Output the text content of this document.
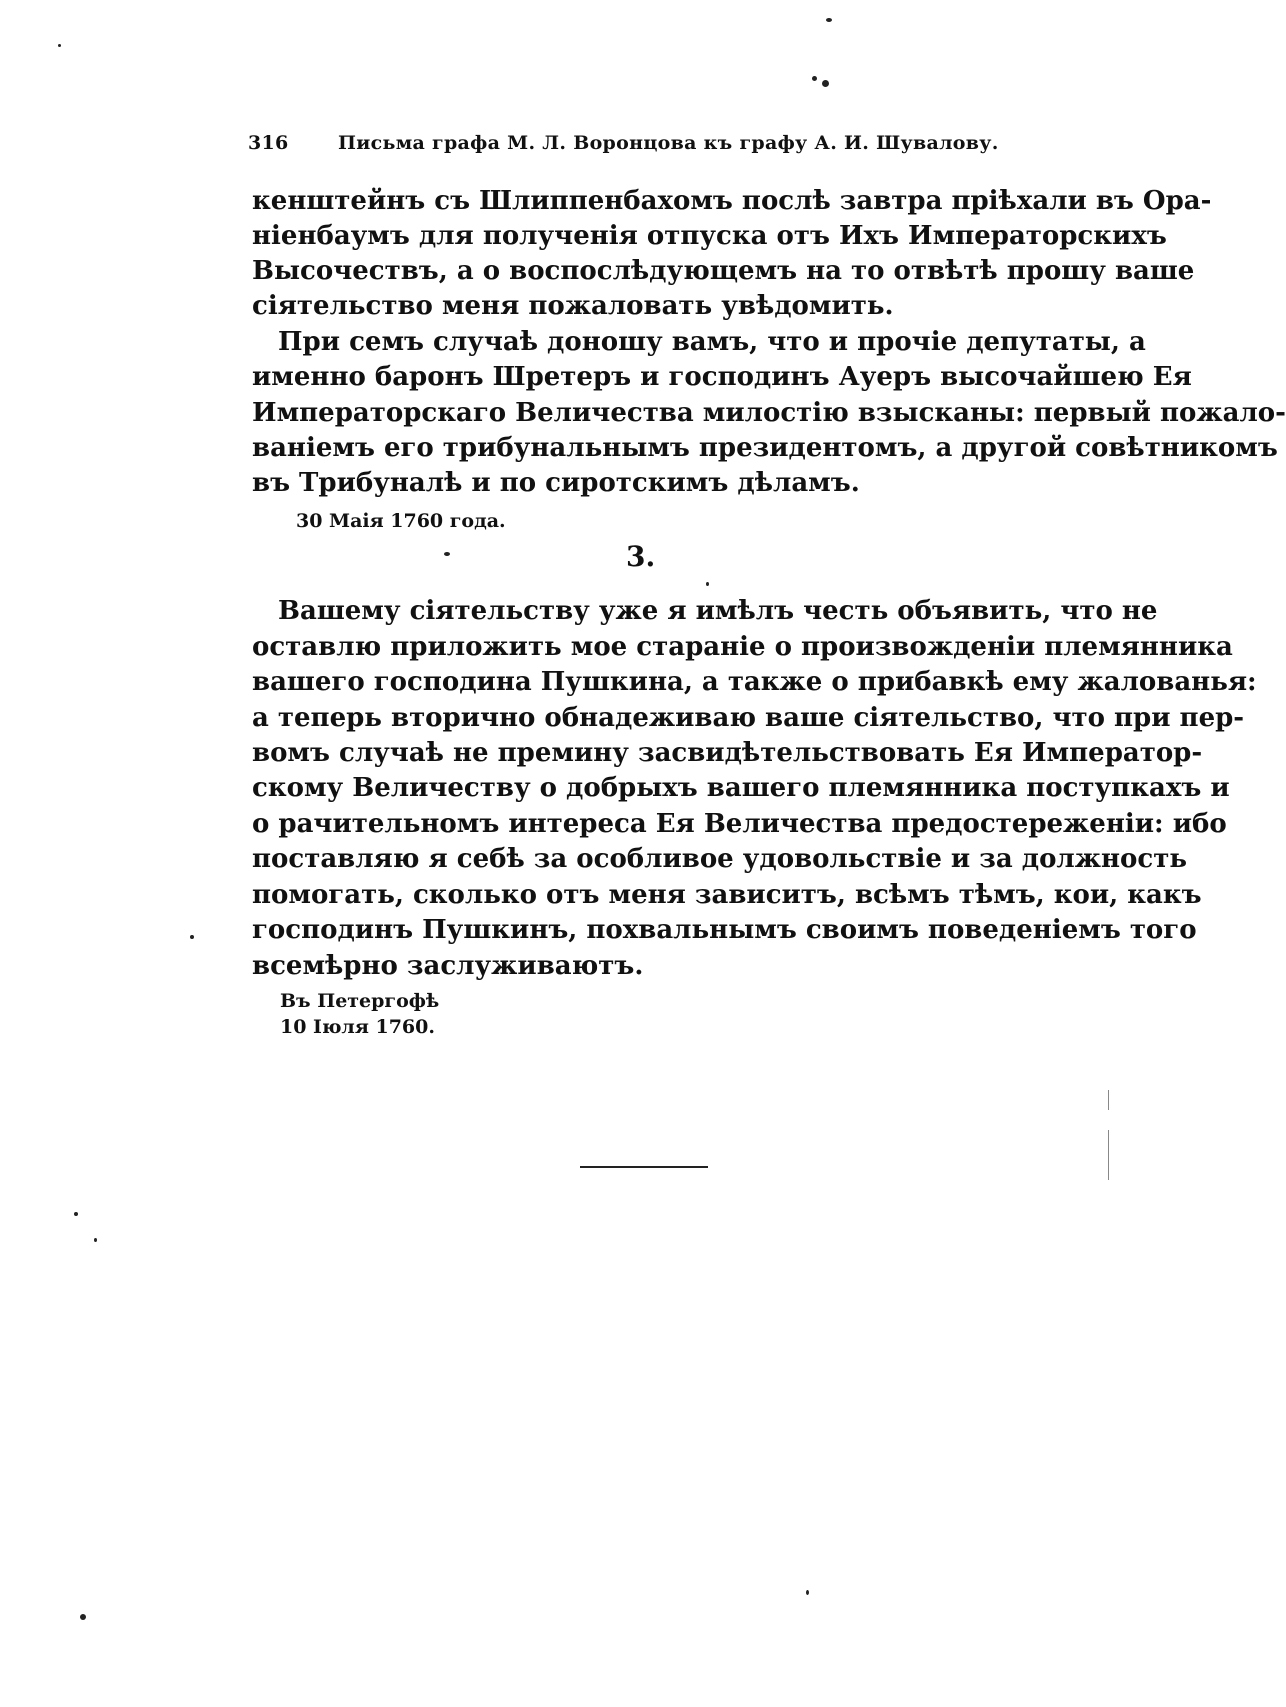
316	Письма графа М. Л. Воронцова къ графу А. И. Шувалову.
кенштейнъ съ Шлиппенбахомъ послѣ завтра пріѣхали въ Ора-
ніенбаумъ для полученія отпуска отъ Ихъ Императорскихъ
Высочествъ, а о воспослѣдующемъ на то отвѣтѣ прошу ваше
сіятельство меня пожаловать увѣдомить.
При семъ случаѣ доношу вамъ, что и прочіе депутаты, а
именно баронъ Шретеръ и господинъ Ауеръ высочайшею Ея
Императорскаго Величества милостію взысканы: первый пожало-
ваніемъ его трибунальнымъ президентомъ, а другой совѣтникомъ
въ Трибуналѣ и по сиротскимъ дѣламъ.
30 Маія 1760 года.
3.
Вашему сіятельству уже я имѣлъ честь объявить, что не
оставлю приложить мое стараніе о произвожденіи племянника
вашего господина Пушкина, а также о прибавкѣ ему жалованья:
а теперь вторично обнадеживаю ваше сіятельство, что при пер-
вомъ случаѣ не премину засвидѣтельствовать Ея Император-
скому Величеству о добрыхъ вашего племянника поступкахъ и
о рачительномъ интереса Ея Величества предостереженіи: ибо
поставляю я себѣ за особливое удовольствіе и за должность
помогать, сколько отъ меня зависитъ, всѣмъ тѣмъ, кои, какъ
господинъ Пушкинъ, похвальнымъ своимъ поведеніемъ того
всемѣрно заслуживаютъ.
Въ Петергофѣ
10 Іюля 1760.
